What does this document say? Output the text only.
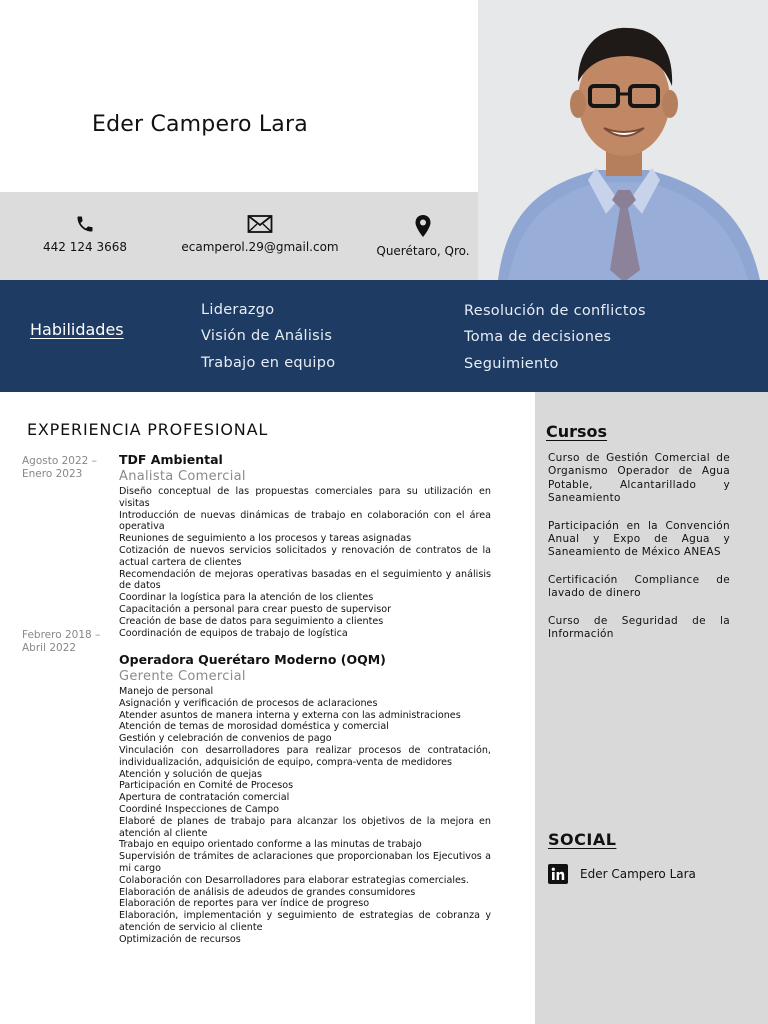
Eder Campero Lara
442 124 3668	ecamperol.29@gmail.com	Querétaro, Qro.
Habilidades
Liderazgo
Visión de Análisis
Trabajo en equipo
Resolución de conflictos
Toma de decisiones
Seguimiento
EXPERIENCIA PROFESIONAL
Agosto 2022 –
Enero 2023
TDF Ambiental
Analista Comercial
Diseño conceptual de las propuestas comerciales para su utilización en visitas
Introducción de nuevas dinámicas de trabajo en colaboración con el área operativa
Reuniones de seguimiento a los procesos y tareas asignadas
Cotización de nuevos servicios solicitados y renovación de contratos de la actual cartera de clientes
Recomendación de mejoras operativas basadas en el seguimiento y análisis de datos
Coordinar la logística para la atención de los clientes
Capacitación a personal para crear puesto de supervisor
Creación de base de datos para seguimiento a clientes
Coordinación de equipos de trabajo de logística
Febrero 2018 –
Abril 2022
Operadora Querétaro Moderno (OQM)
Gerente Comercial
Manejo de personal
Asignación y verificación de procesos de aclaraciones
Atender asuntos de manera interna y externa con las administraciones
Atención de temas de morosidad doméstica y comercial
Gestión y celebración de convenios de pago
Vinculación con desarrolladores para realizar procesos de contratación, individualización, adquisición de equipo, compra-venta de medidores
Atención y solución de quejas
Participación en Comité de Procesos
Apertura de contratación comercial
Coordiné Inspecciones de Campo
Elaboré de planes de trabajo para alcanzar los objetivos de la mejora en atención al cliente
Trabajo en equipo orientado conforme a las minutas de trabajo
Supervisión de trámites de aclaraciones que proporcionaban los Ejecutivos a mi cargo
Colaboración con Desarrolladores para elaborar estrategias comerciales.
Elaboración de análisis de adeudos de grandes consumidores
Elaboración de reportes para ver índice de progreso
Elaboración, implementación y seguimiento de estrategias de cobranza y atención de servicio al cliente
Optimización de recursos
Cursos
Curso de Gestión Comercial de Organismo Operador de Agua Potable, Alcantarillado y Saneamiento
Participación en la Convención Anual y Expo de Agua y Saneamiento de México ANEAS
Certificación Compliance de lavado de dinero
Curso de Seguridad de la Información
SOCIAL
Eder Campero Lara
